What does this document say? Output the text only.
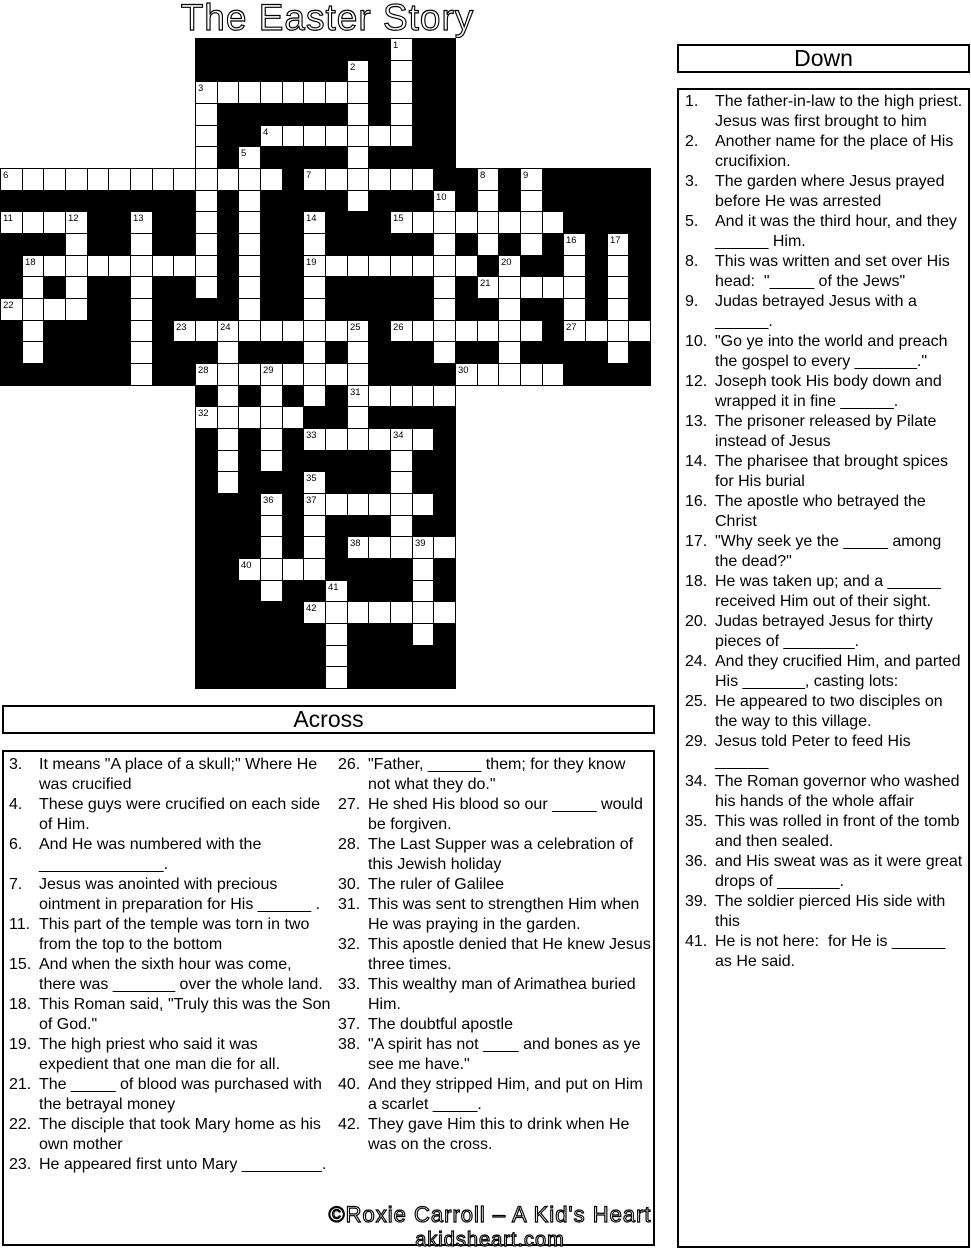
The Easter Story
1
2
3
4
5
6	7	8	9
10
11	12	13	14	15
16	17
18	19	20
21
22
23	24	25	26	27
28	29	30
31
32
33	34
35
36	37
38	39
40
41
42
Down
1.	The father-in-law to the high priest. Jesus was first brought to him
2.	Another name for the place of His crucifixion.
3.	The garden where Jesus prayed before He was arrested
5.	And it was the third hour, and they ______ Him.
8.	This was written and set over His head:  "_____ of the Jews"
9.	Judas betrayed Jesus with a ______.
10. "Go ye into the world and preach the gospel to every _______."
12. Joseph took His body down and wrapped it in fine ______.
13. The prisoner released by Pilate instead of Jesus
14. The pharisee that brought spices for His burial
16. The apostle who betrayed the Christ
17. "Why seek ye the _____ among the dead?"
18. He was taken up; and a ______ received Him out of their sight.
20. Judas betrayed Jesus for thirty pieces of ________.
24. And they crucified Him, and parted His _______, casting lots:
25. He appeared to two disciples on the way to this village.
29. Jesus told Peter to feed His ______
34. The Roman governor who washed his hands of the whole affair
35. This was rolled in front of the tomb and then sealed.
36. and His sweat was as it were great drops of _______.
39. The soldier pierced His side with this
41. He is not here:  for He is ______ as He said.
Across
3.	It means "A place of a skull;" Where He was crucified
4.	These guys were crucified on each side of Him.
6.	And He was numbered with the ______________.
7.	Jesus was anointed with precious ointment in preparation for His ______ .
11. This part of the temple was torn in two from the top to the bottom
15. And when the sixth hour was come, there was _______ over the whole land.
18. This Roman said, "Truly this was the Son of God."
19. The high priest who said it was expedient that one man die for all.
21. The _____ of blood was purchased with the betrayal money
22. The disciple that took Mary home as his own mother
23. He appeared first unto Mary _________.
26. "Father, ______ them; for they know not what they do."
27. He shed His blood so our _____ would be forgiven.
28. The Last Supper was a celebration of this Jewish holiday
30. The ruler of Galilee
31. This was sent to strengthen Him when He was praying in the garden.
32. This apostle denied that He knew Jesus three times.
33. This wealthy man of Arimathea buried Him.
37. The doubtful apostle
38. "A spirit has not ____ and bones as ye see me have."
40. And they stripped Him, and put on Him a scarlet _____.
42. They gave Him this to drink when He was on the cross.
©Roxie Carroll – A Kid's Heart
akidsheart.com
